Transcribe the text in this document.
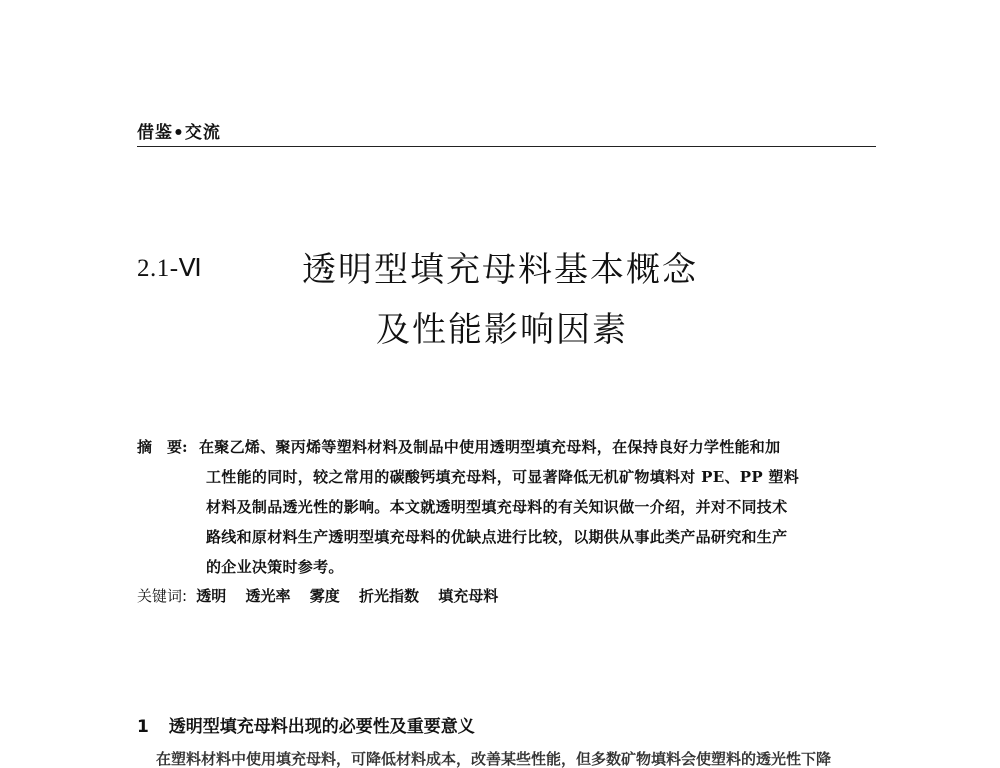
借鉴•交流
2.1-Ⅵ	透明型填充母料基本概念
及性能影响因素
摘　要: 在聚乙烯、聚丙烯等塑料材料及制品中使用透明型填充母料，在保持良好力学性能和加
工性能的同时，较之常用的碳酸钙填充母料，可显著降低无机矿物填料对 PE、PP 塑料
材料及制品透光性的影响。本文就透明型填充母料的有关知识做一介绍，并对不同技术
路线和原材料生产透明型填充母料的优缺点进行比较，以期供从事此类产品研究和生产
的企业决策时参考。
关键词: 透明 透光率 雾度 折光指数 填充母料
1 透明型填充母料出现的必要性及重要意义
在塑料材料中使用填充母料，可降低材料成本，改善某些性能，但多数矿物填料会使塑料的透光性下降
